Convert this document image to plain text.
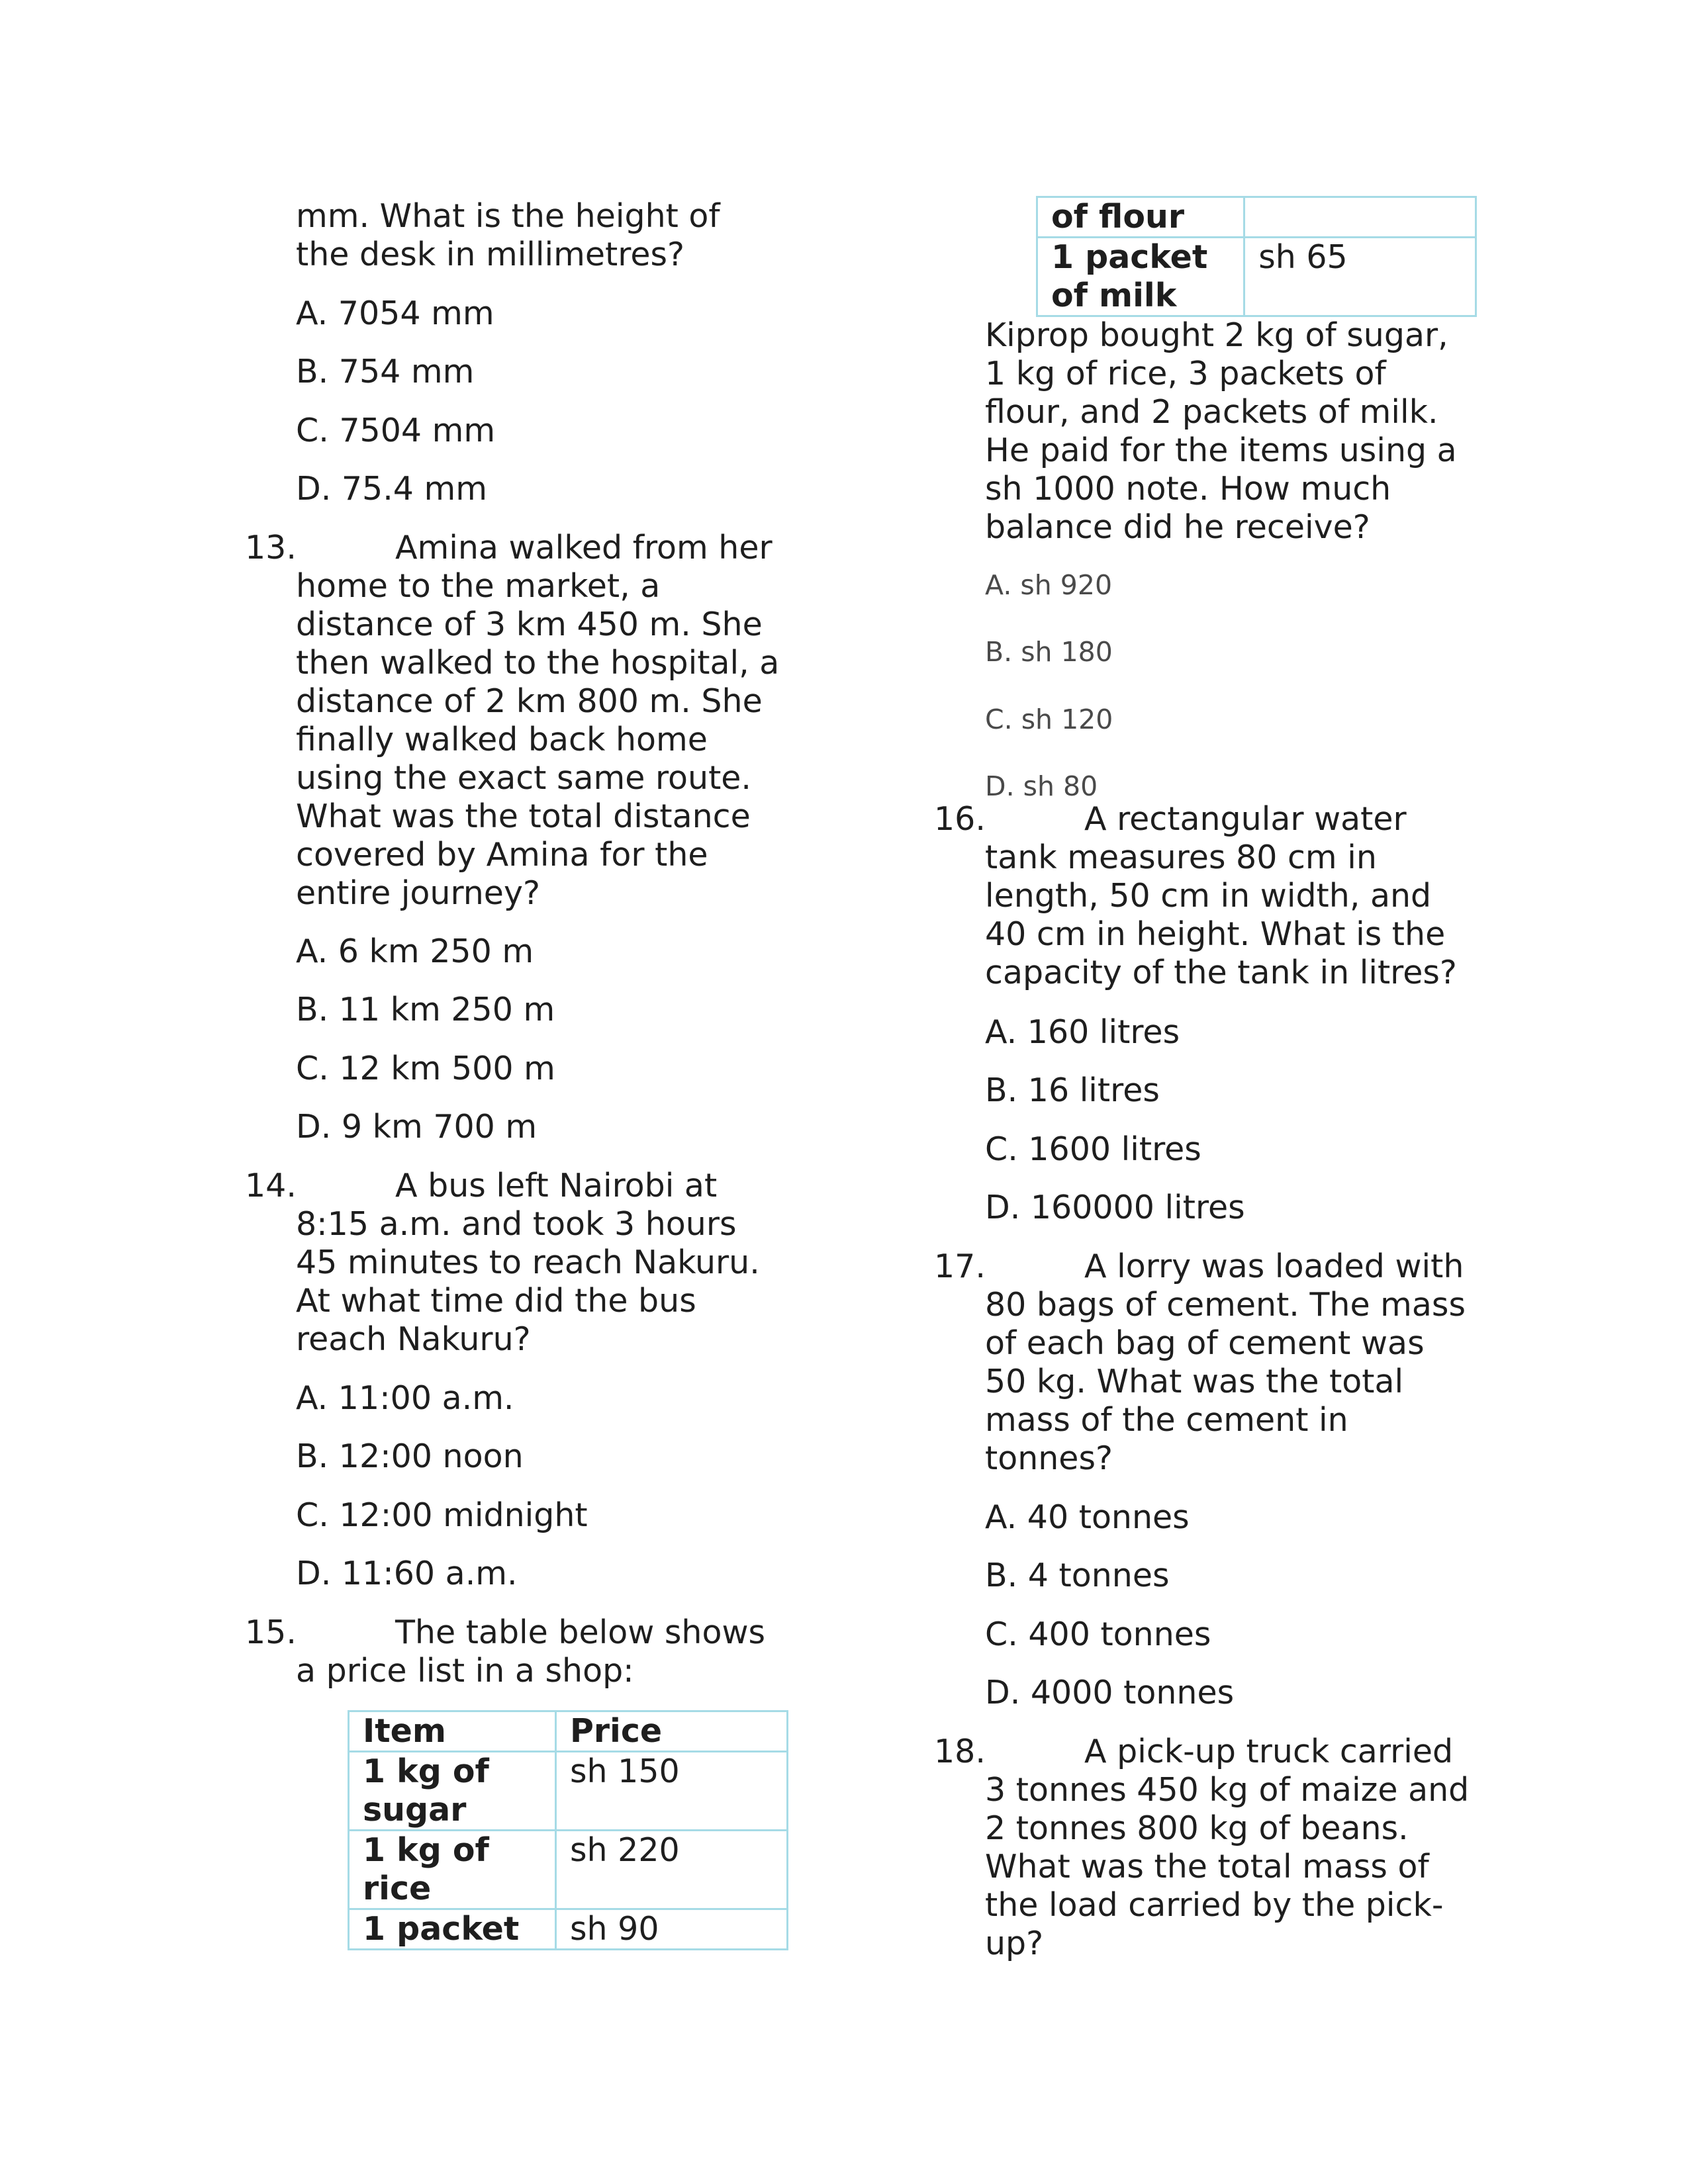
mm. What is the height of
the desk in millimetres?
A. 7054 mm
B. 754 mm
C. 7504 mm
D. 75.4 mm
13.	Amina walked from her
home to the market, a
distance of 3 km 450 m. She
then walked to the hospital, a
distance of 2 km 800 m. She
finally walked back home
using the exact same route.
What was the total distance
covered by Amina for the
entire journey?
A. 6 km 250 m
B. 11 km 250 m
C. 12 km 500 m
D. 9 km 700 m
14.	A bus left Nairobi at
8:15 a.m. and took 3 hours
45 minutes to reach Nakuru.
At what time did the bus
reach Nakuru?
A. 11:00 a.m.
B. 12:00 noon
C. 12:00 midnight
D. 11:60 a.m.
15.	The table below shows
a price list in a shop:
Item	Price

1 kg of
sugar	sh 150

1 kg of
rice	sh 220
1 packet	sh 90
of flour	

1 packet
of milk	sh 65
Kiprop bought 2 kg of sugar,
1 kg of rice, 3 packets of
flour, and 2 packets of milk.
He paid for the items using a
sh 1000 note. How much
balance did he receive?
A. sh 920
B. sh 180
C. sh 120
D. sh 80
16.	A rectangular water
tank measures 80 cm in
length, 50 cm in width, and
40 cm in height. What is the
capacity of the tank in litres?
A. 160 litres
B. 16 litres
C. 1600 litres
D. 160000 litres
17.	A lorry was loaded with
80 bags of cement. The mass
of each bag of cement was
50 kg. What was the total
mass of the cement in
tonnes?
A. 40 tonnes
B. 4 tonnes
C. 400 tonnes
D. 4000 tonnes
18.	A pick-up truck carried
3 tonnes 450 kg of maize and
2 tonnes 800 kg of beans.
What was the total mass of
the load carried by the pick-
up?
